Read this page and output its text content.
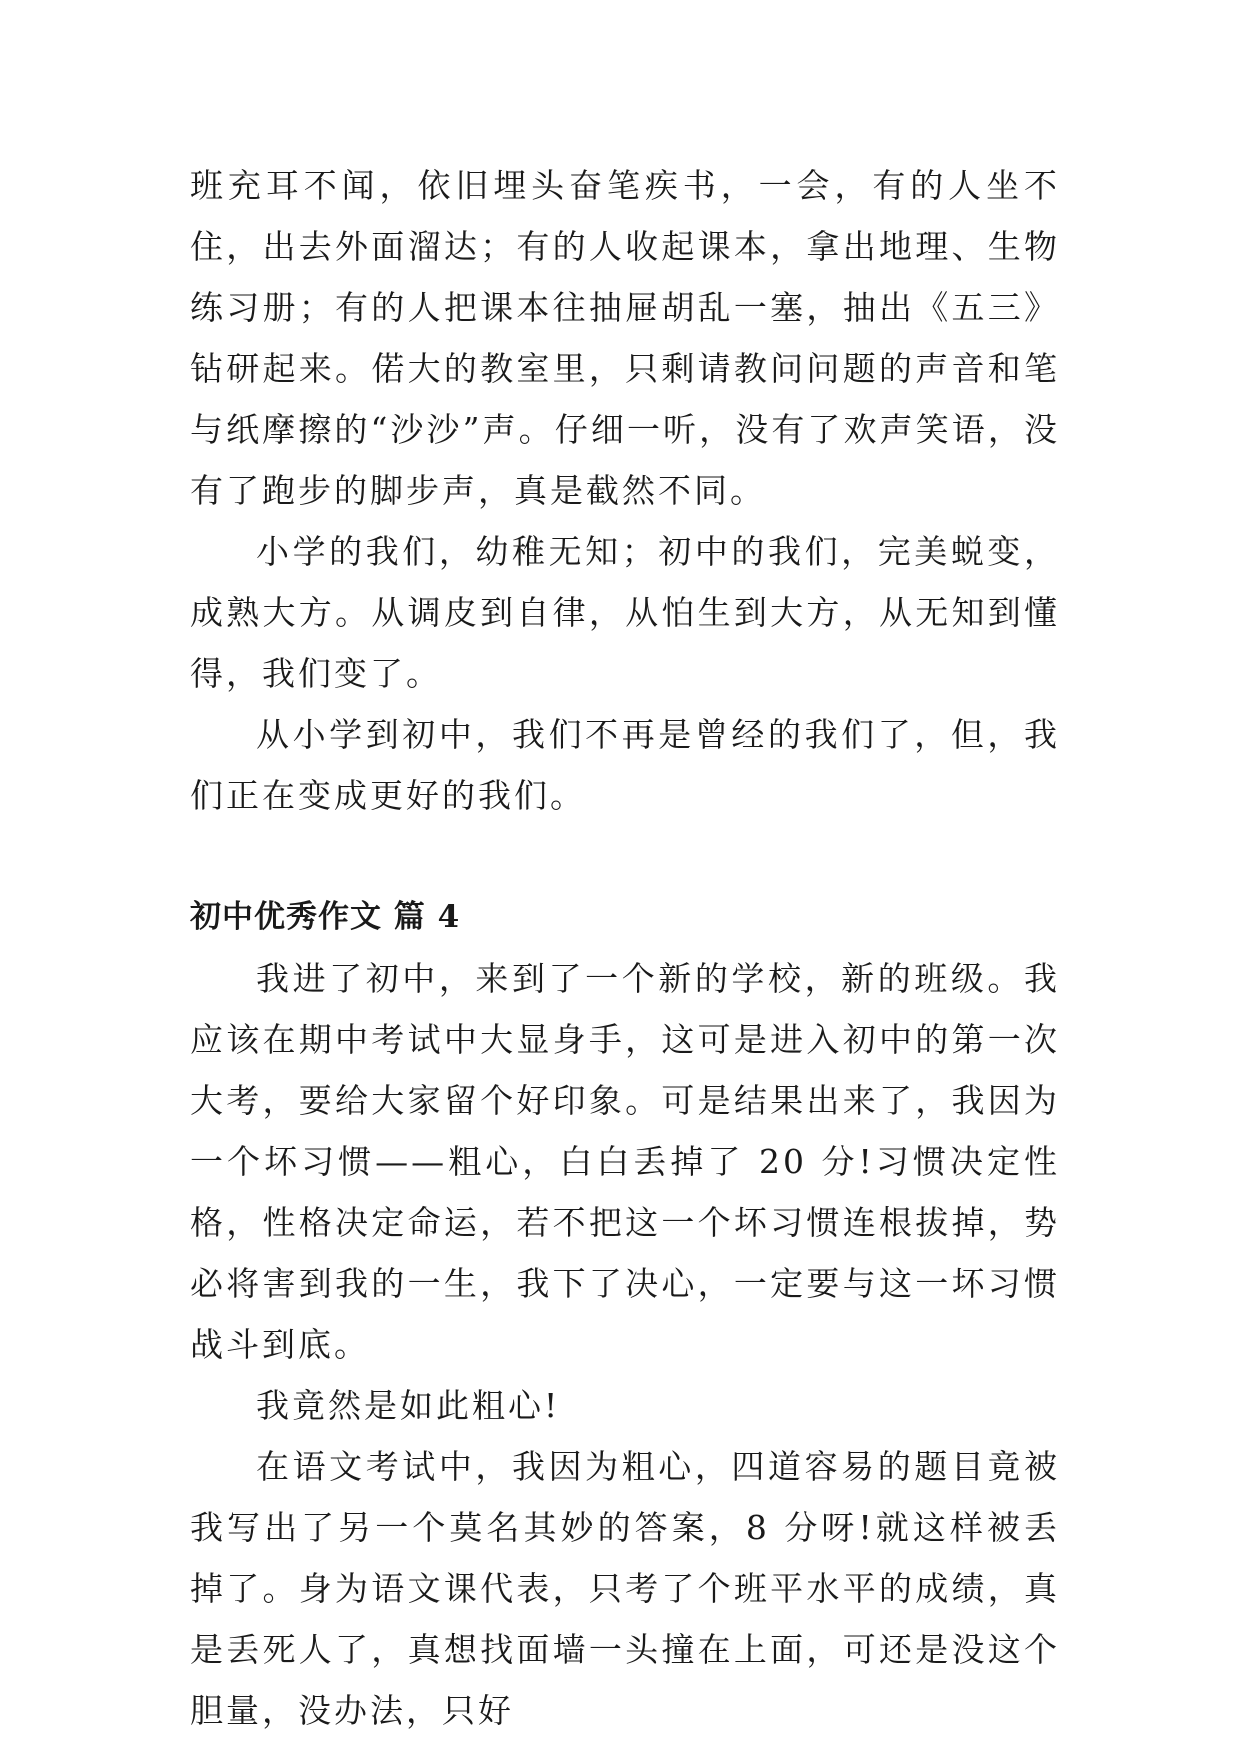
班充耳不闻，依旧埋头奋笔疾书，一会，有的人坐不住，出去外面溜达；有的人收起课本，拿出地理、生物练习册；有的人把课本往抽屉胡乱一塞，抽出《五三》钻研起来。偌大的教室里，只剩请教问问题的声音和笔与纸摩擦的“沙沙”声。仔细一听，没有了欢声笑语，没有了跑步的脚步声，真是截然不同。

小学的我们，幼稚无知；初中的我们，完美蜕变，成熟大方。从调皮到自律，从怕生到大方，从无知到懂得，我们变了。

从小学到初中，我们不再是曾经的我们了，但，我们正在变成更好的我们。

初中优秀作文 篇 4

我进了初中，来到了一个新的学校，新的班级。我应该在期中考试中大显身手，这可是进入初中的第一次大考，要给大家留个好印象。可是结果出来了，我因为一个坏习惯——粗心，白白丢掉了 20 分!习惯决定性格，性格决定命运，若不把这一个坏习惯连根拔掉，势必将害到我的一生，我下了决心，一定要与这一坏习惯战斗到底。

我竟然是如此粗心!

在语文考试中，我因为粗心，四道容易的题目竟被我写出了另一个莫名其妙的答案，8 分呀!就这样被丢掉了。身为语文课代表，只考了个班平水平的成绩，真是丢死人了，真想找面墙一头撞在上面，可还是没这个胆量，没办法，只好
